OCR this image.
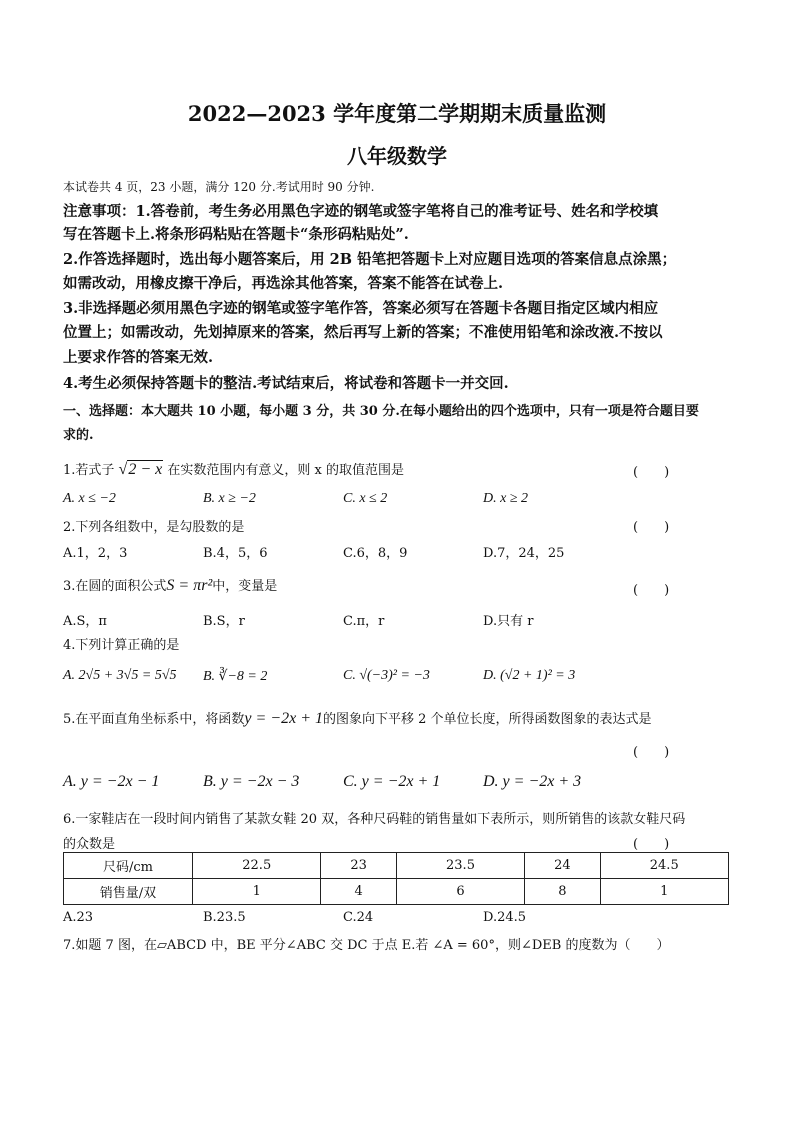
2022—2023 学年度第二学期期末质量监测
八年级数学
本试卷共 4 页，23 小题，满分 120 分.考试用时 90 分钟.
注意事项：1.答卷前，考生务必用黑色字迹的钢笔或签字笔将自己的准考证号、姓名和学校填
写在答题卡上.将条形码粘贴在答题卡“条形码粘贴处”.
2.作答选择题时，选出每小题答案后，用 2B 铅笔把答题卡上对应题目选项的答案信息点涂黑；
如需改动，用橡皮擦干净后，再选涂其他答案，答案不能答在试卷上.
3.非选择题必须用黑色字迹的钢笔或签字笔作答，答案必须写在答题卡各题目指定区域内相应
位置上；如需改动，先划掉原来的答案，然后再写上新的答案；不准使用铅笔和涂改液.不按以
上要求作答的答案无效.
4.考生必须保持答题卡的整洁.考试结束后，将试卷和答题卡一并交回.
一、选择题：本大题共 10 小题，每小题 3 分，共 30 分.在每小题给出的四个选项中，只有一项是符合题目要
求的.
1.若式子 √2 − x 在实数范围内有意义，则 x 的取值范围是	(　　)
A. x ≤ −2	B. x ≥ −2	C. x ≤ 2	D. x ≥ 2
2.下列各组数中，是勾股数的是	(　　)
A.1，2，3	B.4，5，6	C.6，8，9	D.7，24，25
3.在圆的面积公式S = πr²中，变量是	(　　)
A.S，π	B.S，r	C.π，r	D.只有 r
4.下列计算正确的是
A. 2√5 + 3√5 = 5√5 B. ∛−8 = 2	C. √(−3)² = −3	D. (√2 + 1)² = 3
5.在平面直角坐标系中，将函数y = −2x + 1的图象向下平移 2 个单位长度，所得函数图象的表达式是
(　　)
A. y = −2x − 1	B. y = −2x − 3	C. y = −2x + 1	D. y = −2x + 3
6.一家鞋店在一段时间内销售了某款女鞋 20 双，各种尺码鞋的销售量如下表所示，则所销售的该款女鞋尺码
的众数是	(　　)
尺码/cm	22.5	23	23.5	24	24.5
销售量/双	1	4	6	8	1
A.23	B.23.5	C.24	D.24.5
7.如题 7 图，在▱ABCD 中，BE 平分∠ABC 交 DC 于点 E.若 ∠A = 60°，则∠DEB 的度数为（　　）
